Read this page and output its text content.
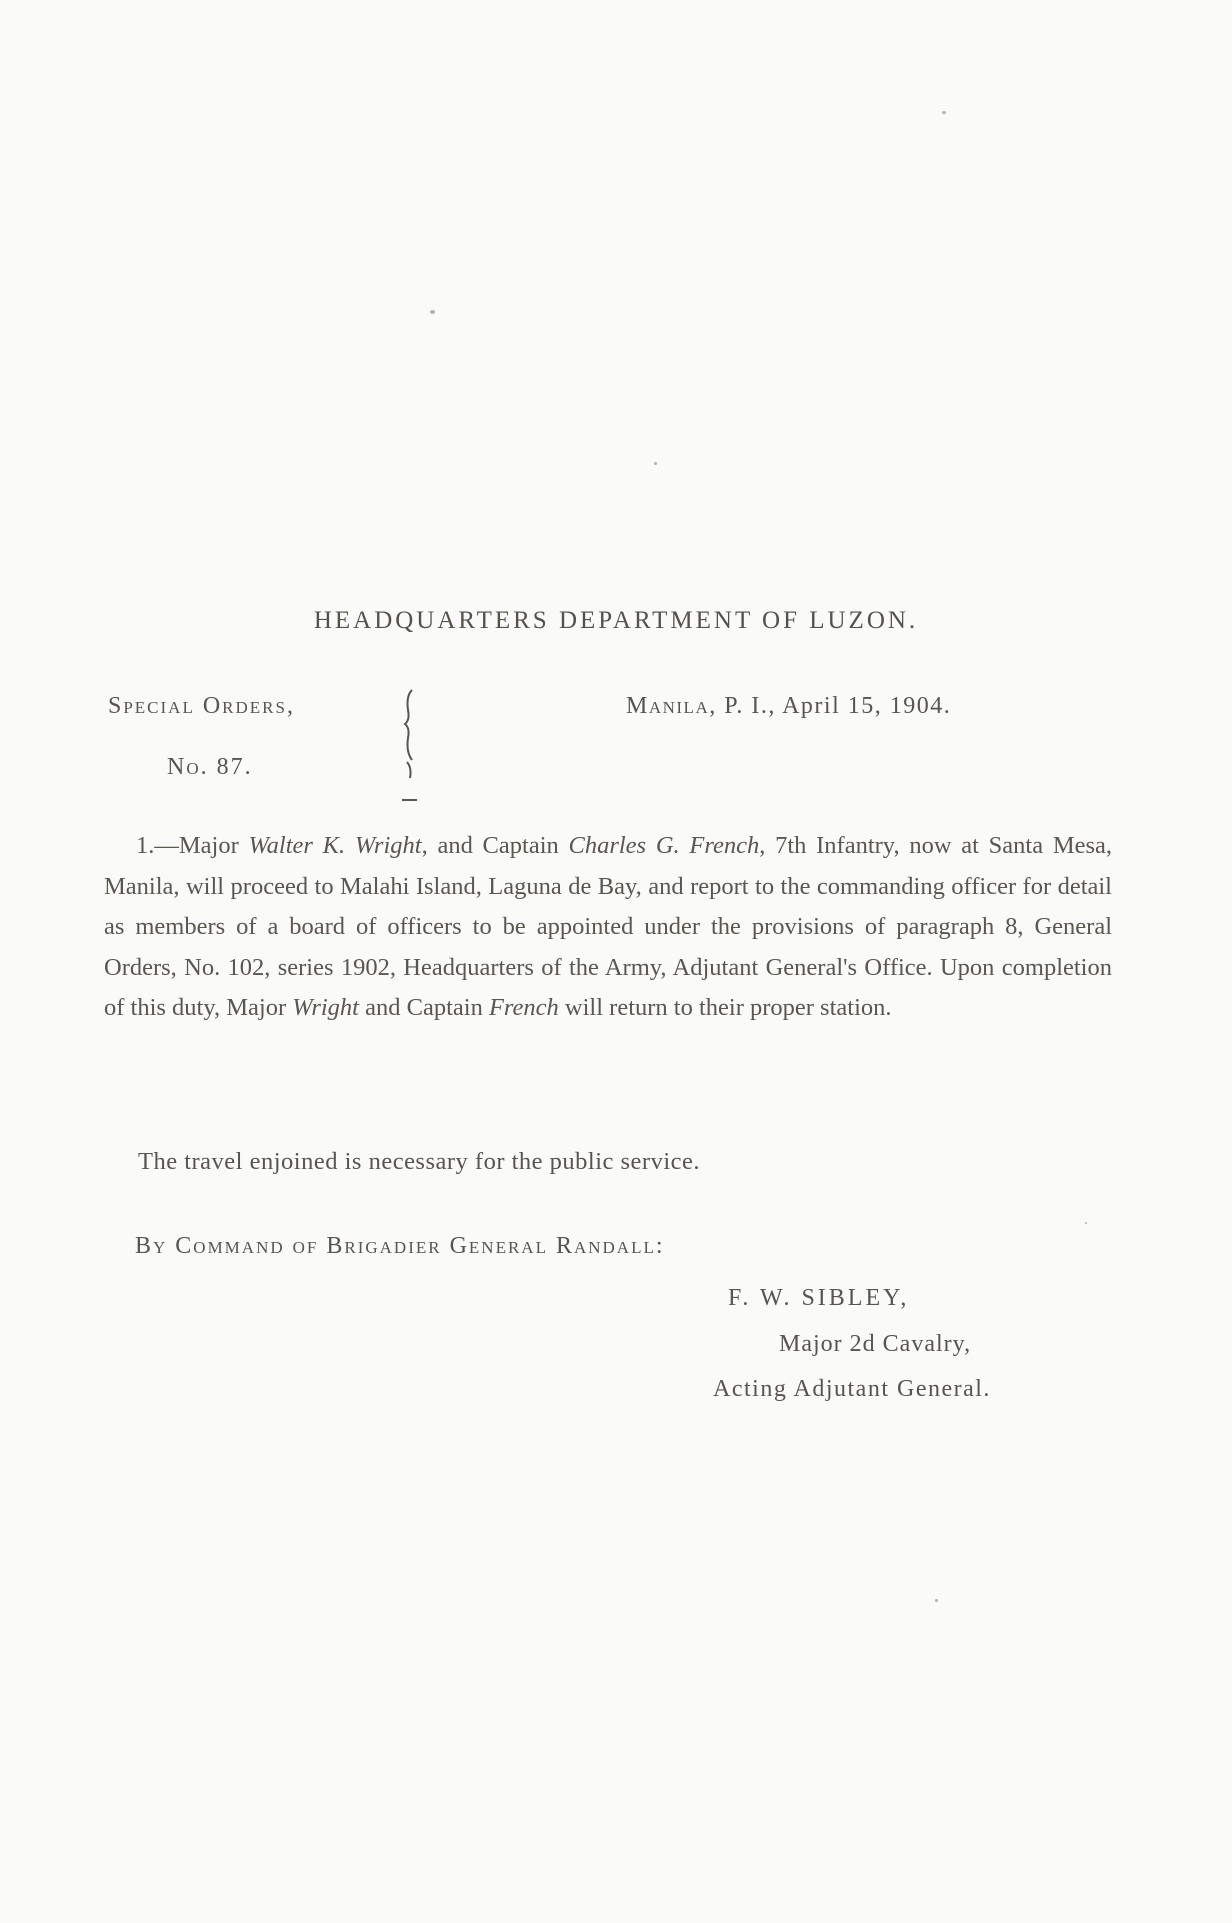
HEADQUARTERS DEPARTMENT OF LUZON.
Special Orders,
No. 87.
Manila, P. I., April 15, 1904.
1.—Major Walter K. Wright, and Captain Charles G. French, 7th Infantry, now at Santa Mesa, Manila, will proceed to Malahi Island, Laguna de Bay, and report to the commanding officer for detail as members of a board of officers to be appointed under the provisions of paragraph 8, General Orders, No. 102, series 1902, Headquarters of the Army, Adjutant General's Office. Upon completion of this duty, Major Wright and Captain French will return to their proper station.
The travel enjoined is necessary for the public service.
By Command of Brigadier General Randall:
F. W. SIBLEY,
Major 2d Cavalry,
Acting Adjutant General.
